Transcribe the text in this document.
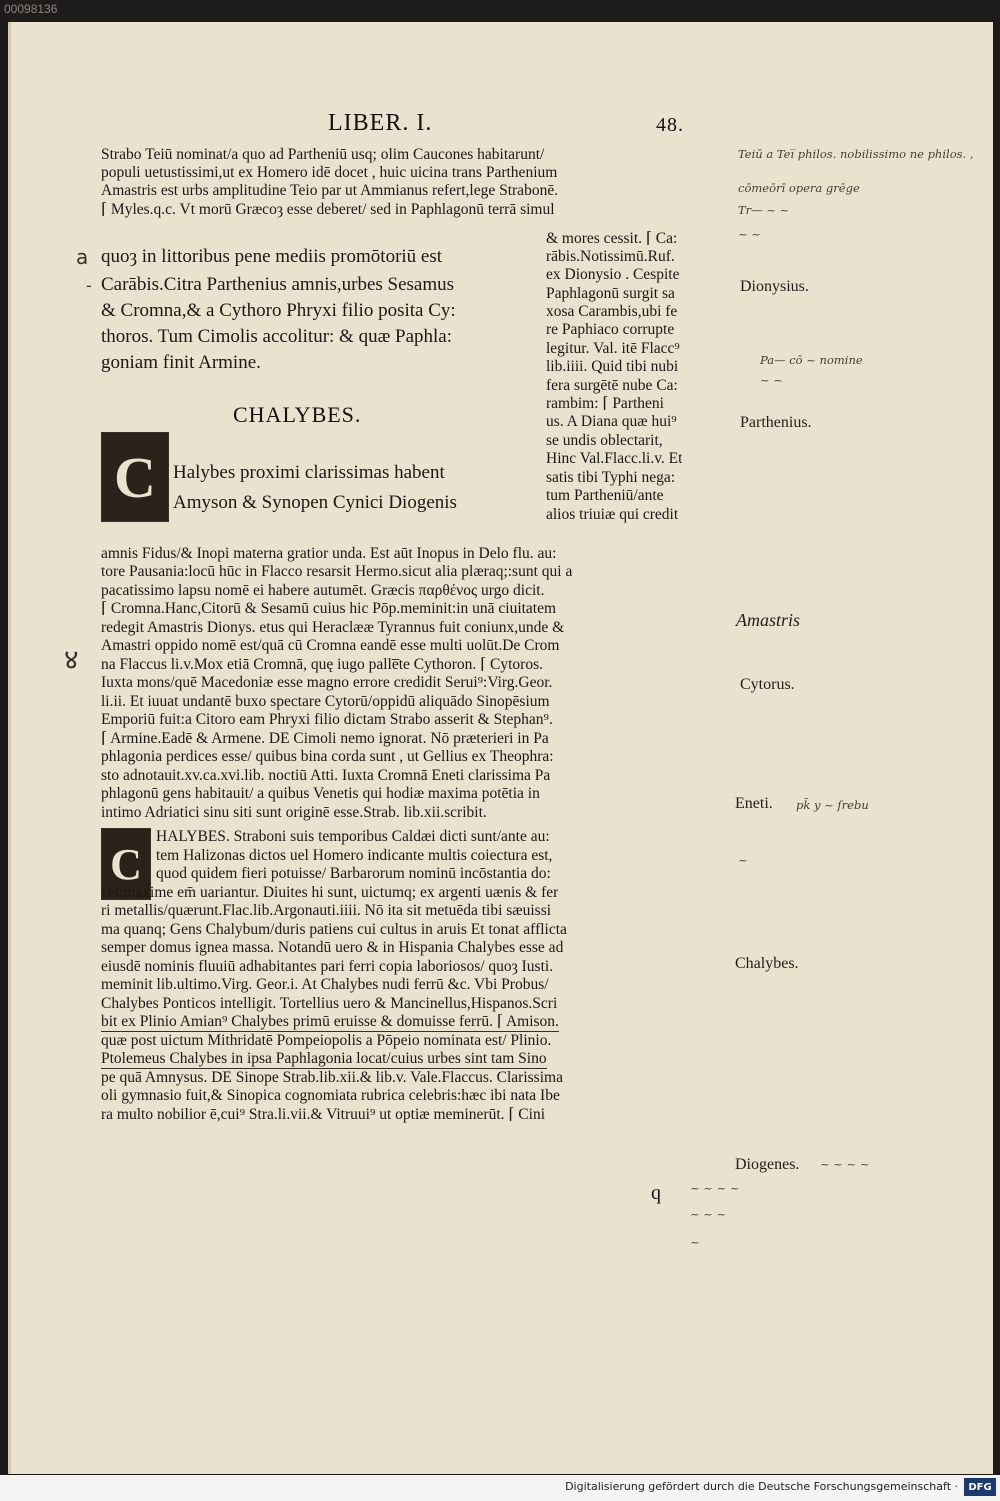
00098136
LIBER. I.	48.
Strabo Teiū nominat/a quo ad Partheniū usq; olim Caucones habitarunt/
populi uetustissimi,ut ex Homero idē docet , huic uicina trans Parthenium
Amastris est urbs amplitudine Teio par ut Ammianus refert,lege Strabonē.
⌈ Myles.q.c. Vt morū Græcoȝ esse deberet/ sed in Paphlagonū terrā simul
a
-
quoȝ in littoribus pene mediis promōtoriū est
Carābis.Citra Parthenius amnis,urbes Sesamus
& Cromna,& a Cythoro Phryxi filio posita Cy:
thoros. Tum Cimolis accolitur: & quæ Paphla:
goniam finit Armine.
CHALYBES.
C Halybes proximi clarissimas habent
Amyson & Synopen Cynici Diogenis
& mores cessit. ⌈ Ca:
rābis.Notissimū.Ruf.
ex Dionysio . Cespite
Paphlagonū surgit sa
xosa Carambis,ubi fe
re Paphiaco corrupte
legitur. Val. itē Flacc⁹
lib.iiii. Quid tibi nubi
fera surgētē nube Ca:
rambim: ⌈ Partheni
us. A Diana quæ hui⁹
se undis oblectarit,
Hinc Val.Flacc.li.v. Et
satis tibi Typhi nega:
tum Partheniū/ante
alios triuiæ qui credit
amnis Fidus/& Inopi materna gratior unda. Est aūt Inopus in Delo flu. au:
tore Pausania:locū hūc in Flacco resarsit Hermo.sicut alia plæraq;:sunt qui a
pacatissimo lapsu nomē ei habere autumēt. Græcis παρθένος urgo dicit.
⌈ Cromna.Hanc,Citorū & Sesamū cuius hic Pōp.meminit:in unā ciuitatem
redegit Amastris Dionys. etus qui Heraclææ Tyrannus fuit coniunx,unde &
Amastri oppido nomē est/quā cū Cromna eandē esse multi uolūt.De Crom
na Flaccus li.v.Mox etiā Cromnā, quę iugo palle̅te Cythoron. ⌈ Cytoros.
Iuxta mons/quē Macedoniæ esse magno errore credidit Serui⁹:Virg.Geor.
li.ii. Et iuuat undantē buxo spectare Cytorū/oppidū aliquādo Sinopēsium
Emporiū fuit:a Citoro eam Phryxi filio dictam Strabo asserit & Stephan⁹.
⌈ Armine.Eadē & Armene. DE Cimoli nemo ignorat. Nō præterieri in Pa
phlagonia perdices esse/ quibus bina corda sunt , ut Gellius ex Theophra:
sto adnotauit.xv.ca.xvi.lib. noctiū Atti. Iuxta Cromnā Eneti clarissima Pa
phlagonū gens habitauit/ a quibus Venetis qui hodiæ maxima potētia in
intimo Adriatici sinu siti sunt originē esse.Strab. lib.xii.scribit.
४
C
HALYBES. Straboni suis temporibus Caldæi dicti sunt/ante au:
tem Halizonas dictos uel Homero indicante multis coiectura est,
quod quidem fieri potuisse/ Barbarorum nominū incōstantia do:
cet:maxime em̄ uariantur. Diuites hi sunt, uictumq; ex argenti uænis & fer
ri metallis/quærunt.Flac.lib.Argonauti.iiii. Nō ita sit metuēda tibi sæuissi
ma quanq; Gens Chalybum/duris patiens cui cultus in aruis Et tonat afflicta
semper domus ignea massa. Notandū uero & in Hispania Chalybes esse ad
eiusdē nominis fluuiū adhabitantes pari ferri copia laboriosos/ quoȝ Iusti.
meminit lib.ultimo.Virg. Geor.i. At Chalybes nudi ferrū &c. Vbi Probus/
Chalybes Ponticos intelligit. Tortellius uero & Mancinellus,Hispanos.Scri
bit ex Plinio Amian⁹ Chalybes primū eruisse & domuisse ferrū. ⌈ Amison.
quæ post uictum Mithridatē Pompeiopolis a Pōpeio nominata est/ Plinio.
Ptolemeus Chalybes in ipsa Paphlagonia locat/cuius urbes sint tam Sino
pe quā Amnysus. DE Sinope Strab.lib.xii.& lib.v. Vale.Flaccus. Clarissima
oli gymnasio fuit,& Sinopica cognomiata rubrica celebris:hæc ibi nata Ibe
ra multo nobilior ē,cui⁹ Stra.li.vii.& Vitruui⁹ ut optiæ meminerūt. ⌈ Cini
q
Dionysius.
Parthenius.
Amastris
Cytorus.
Eneti.
Chalybes.
Diogenes.
Teiū a Tei̅ philos. nobilissimo ne philos. ,
cōmeōrī opera grēge
Tr— ~ ~
~ ~
Pa— cō ~ nomine
~ ~
pk̄ y ~ ſrebu
~
~ ~ ~ ~
~ ~ ~ ~
~ ~ ~
~
Digitalisierung gefördert durch die Deutsche Forschungsgemeinschaft ·	DFG
